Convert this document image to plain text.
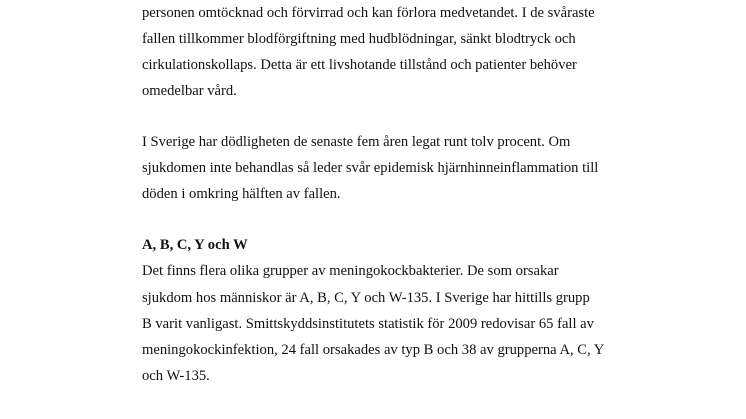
personen omtöcknad och förvirrad och kan förlora medvetandet. I de svåraste
fallen tillkommer blodförgiftning med hudblödningar, sänkt blodtryck och
cirkulationskollaps. Detta är ett livshotande tillstånd och patienter behöver
omedelbar vård.
I Sverige har dödligheten de senaste fem åren legat runt tolv procent. Om
sjukdomen inte behandlas så leder svår epidemisk hjärnhinneinflammation till
döden i omkring hälften av fallen.
A, B, C, Y och W
Det finns flera olika grupper av meningokockbakterier. De som orsakar
sjukdom hos människor är A, B, C, Y och W-135. I Sverige har hittills grupp
B varit vanligast. Smittskyddsinstitutets statistik för 2009 redovisar 65 fall av
meningokockinfektion, 24 fall orsakades av typ B och 38 av grupperna A, C, Y
och W-135.
